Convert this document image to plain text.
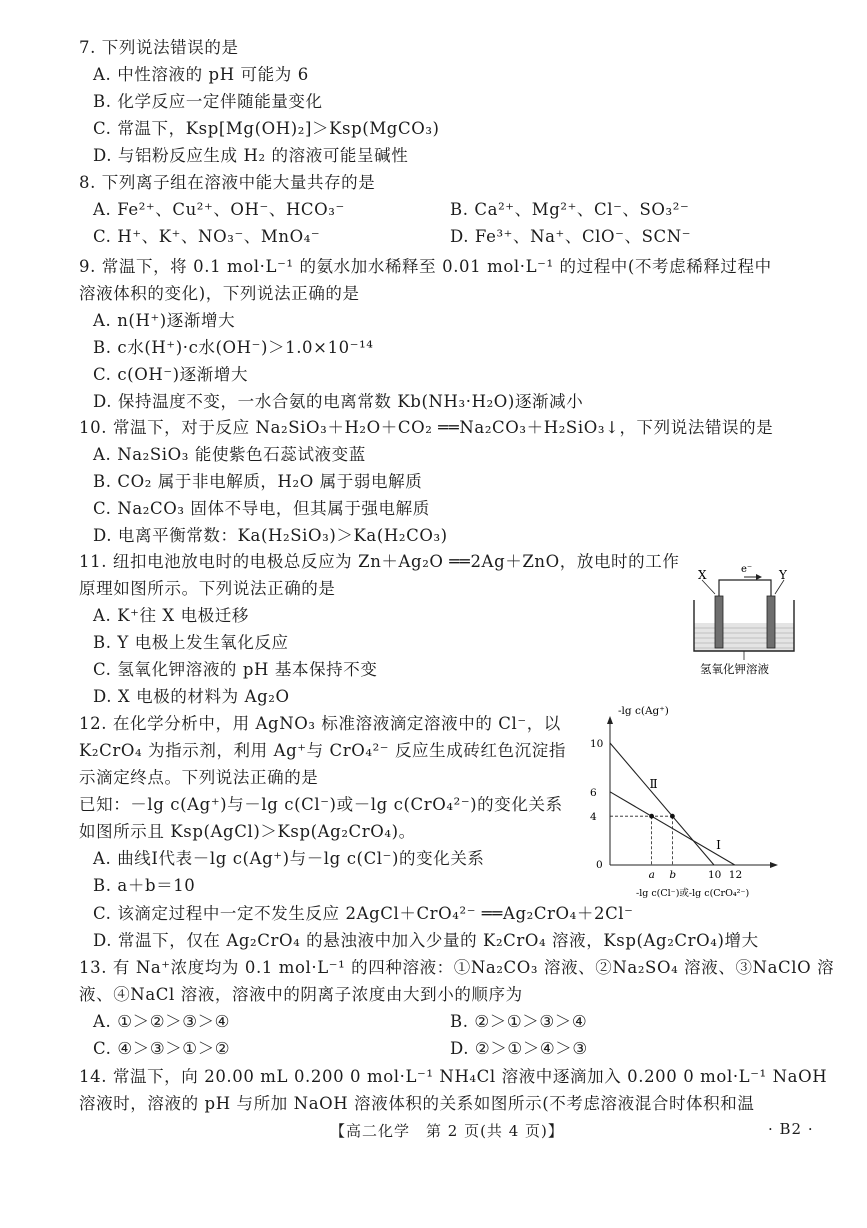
7. 下列说法错误的是
A. 中性溶液的 pH 可能为 6
B. 化学反应一定伴随能量变化
C. 常温下，Ksp[Mg(OH)₂]＞Ksp(MgCO₃)
D. 与铝粉反应生成 H₂ 的溶液可能呈碱性
8. 下列离子组在溶液中能大量共存的是
A. Fe²⁺、Cu²⁺、OH⁻、HCO₃⁻	B. Ca²⁺、Mg²⁺、Cl⁻、SO₃²⁻
C. H⁺、K⁺、NO₃⁻、MnO₄⁻	D. Fe³⁺、Na⁺、ClO⁻、SCN⁻
9. 常温下，将 0.1 mol·L⁻¹ 的氨水加水稀释至 0.01 mol·L⁻¹ 的过程中(不考虑稀释过程中
溶液体积的变化)，下列说法正确的是
A. n(H⁺)逐渐增大
B. c水(H⁺)·c水(OH⁻)＞1.0×10⁻¹⁴
C. c(OH⁻)逐渐增大
D. 保持温度不变，一水合氨的电离常数 Kb(NH₃·H₂O)逐渐减小
10. 常温下，对于反应 Na₂SiO₃＋H₂O＋CO₂ ══Na₂CO₃＋H₂SiO₃↓，下列说法错误的是
A. Na₂SiO₃ 能使紫色石蕊试液变蓝
B. CO₂ 属于非电解质，H₂O 属于弱电解质
C. Na₂CO₃ 固体不导电，但其属于强电解质
D. 电离平衡常数：Ka(H₂SiO₃)＞Ka(H₂CO₃)
11. 纽扣电池放电时的电极总反应为 Zn＋Ag₂O ══2Ag＋ZnO，放电时的工作
原理如图所示。下列说法正确的是
A. K⁺往 X 电极迁移
B. Y 电极上发生氧化反应
C. 氢氧化钾溶液的 pH 基本保持不变
D. X 电极的材料为 Ag₂O
e⁻
X	Y
氢氧化钾溶液
12. 在化学分析中，用 AgNO₃ 标准溶液滴定溶液中的 Cl⁻，以
K₂CrO₄ 为指示剂，利用 Ag⁺与 CrO₄²⁻ 反应生成砖红色沉淀指
示滴定终点。下列说法正确的是
已知：－lg c(Ag⁺)与－lg c(Cl⁻)或－lg c(CrO₄²⁻)的变化关系
如图所示且 Ksp(AgCl)＞Ksp(Ag₂CrO₄)。
A. 曲线Ⅰ代表－lg c(Ag⁺)与－lg c(Cl⁻)的变化关系
B. a＋b＝10
C. 该滴定过程中一定不发生反应 2AgCl＋CrO₄²⁻ ══Ag₂CrO₄＋2Cl⁻
D. 常温下，仅在 Ag₂CrO₄ 的悬浊液中加入少量的 K₂CrO₄ 溶液，Ksp(Ag₂CrO₄)增大
-lg c(Ag⁺)
0
Ⅰ
Ⅱ
10
6
4
a b	10 12
-lg c(Cl⁻)或-lg c(CrO₄²⁻)
13. 有 Na⁺浓度均为 0.1 mol·L⁻¹ 的四种溶液：①Na₂CO₃ 溶液、②Na₂SO₄ 溶液、③NaClO 溶
液、④NaCl 溶液，溶液中的阴离子浓度由大到小的顺序为
A. ①＞②＞③＞④	B. ②＞①＞③＞④
C. ④＞③＞①＞②	D. ②＞①＞④＞③
14. 常温下，向 20.00 mL 0.200 0 mol·L⁻¹ NH₄Cl 溶液中逐滴加入 0.200 0 mol·L⁻¹ NaOH
溶液时，溶液的 pH 与所加 NaOH 溶液体积的关系如图所示(不考虑溶液混合时体积和温
【高二化学　第 2 页(共 4 页)】	· B2 ·
